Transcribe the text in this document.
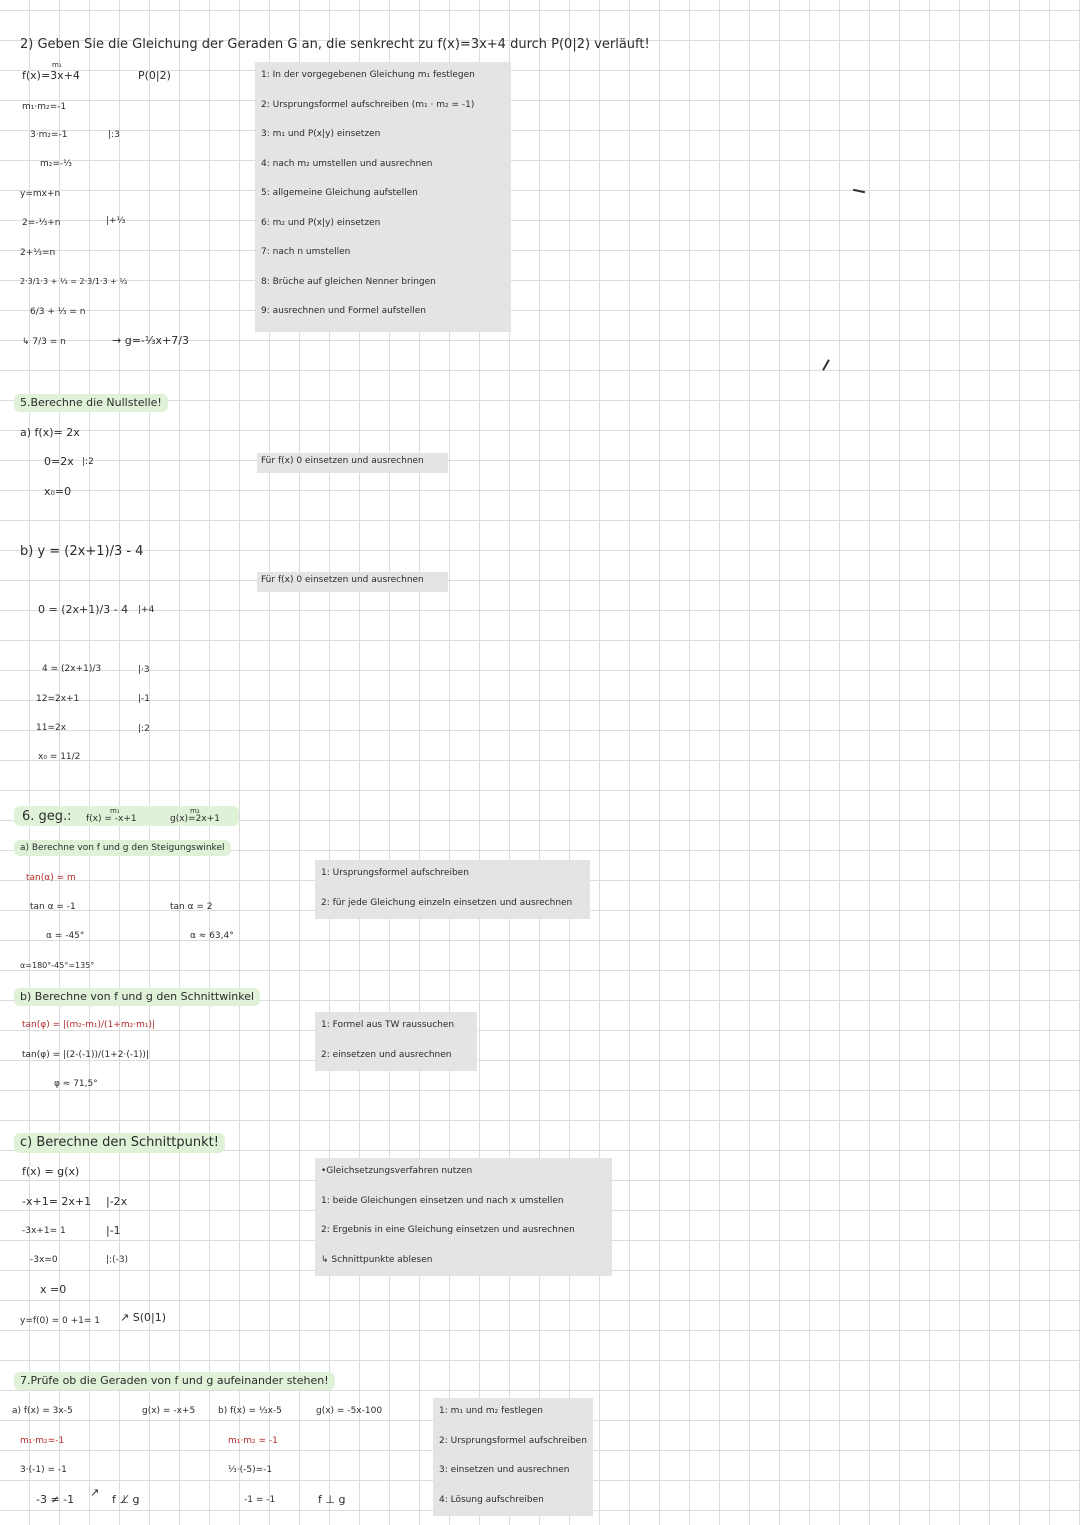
2) Geben Sie die Gleichung der Geraden G an, die senkrecht zu f(x)=3x+4 durch P(0|2) verläuft!
m₁
f(x)=3x+4	P(0|2)
m₁·m₂=-1
3·m₂=-1	|:3
m₂=-⅓
y=mx+n
2=-⅓+n	|+⅓
2+⅓=n
2·3/1·3 + ⅓ = 2·3/1·3 + ⅓
6/3 + ⅓ = n
↳ 7/3 = n	→ g=-⅓x+7/3
1: In der vorgegebenen Gleichung m₁ festlegen
2: Ursprungsformel aufschreiben (m₁ · m₂ = -1)
3: m₁ und P(x|y) einsetzen
4: nach m₂ umstellen und ausrechnen
5: allgemeine Gleichung aufstellen
6: m₂ und P(x|y) einsetzen
7: nach n umstellen
8: Brüche auf gleichen Nenner bringen
9: ausrechnen und Formel aufstellen
5.Berechne die Nullstelle!
a) f(x)= 2x
0=2x |:2
x₀=0
Für f(x) 0 einsetzen und ausrechnen
b) y = (2x+1)/3 - 4
Für f(x) 0 einsetzen und ausrechnen
0 = (2x+1)/3 - 4 |+4
4 = (2x+1)/3	|·3
12=2x+1	|-1
11=2x	|:2
x₀ = 11/2
6. geg.:	m₁
f(x) = -x+1
m₂
g(x)=2x+1
a) Berechne von f und g den Steigungswinkel
tan(α) = m
tan α = -1
α = -45°
tan α = 2
α ≈ 63,4°
α=180°-45°=135°
1: Ursprungsformel aufschreiben
2: für jede Gleichung einzeln einsetzen und ausrechnen
b) Berechne von f und g den Schnittwinkel
tan(φ) = |(m₂-m₁)/(1+m₂·m₁)|
tan(φ) = |(2-(-1))/(1+2·(-1))|
φ ≈ 71,5°
1: Formel aus TW raussuchen
2: einsetzen und ausrechnen
c) Berechne den Schnittpunkt!
f(x) = g(x)
-x+1= 2x+1 |-2x
-3x+1= 1	|-1
-3x=0	|:(-3)
x =0
y=f(0) = 0 +1= 1 ↗ S(0|1)
•Gleichsetzungsverfahren nutzen
1: beide Gleichungen einsetzen und nach x umstellen
2: Ergebnis in eine Gleichung einsetzen und ausrechnen
↳ Schnittpunkte ablesen
7.Prüfe ob die Geraden von f und g aufeinander stehen!
a) f(x) = 3x-5	g(x) = -x+5	b) f(x) = ⅓x-5	g(x) = -5x-100
m₁·m₂=-1
3·(-1) = -1
-3 ≠ -1
↗
f ⊥̸ g
m₁·m₂ = -1
⅓·(-5)=-1
-1 = -1	f ⊥ g
1: m₁ und m₂ festlegen
2: Ursprungsformel aufschreiben
3: einsetzen und ausrechnen
4: Lösung aufschreiben
